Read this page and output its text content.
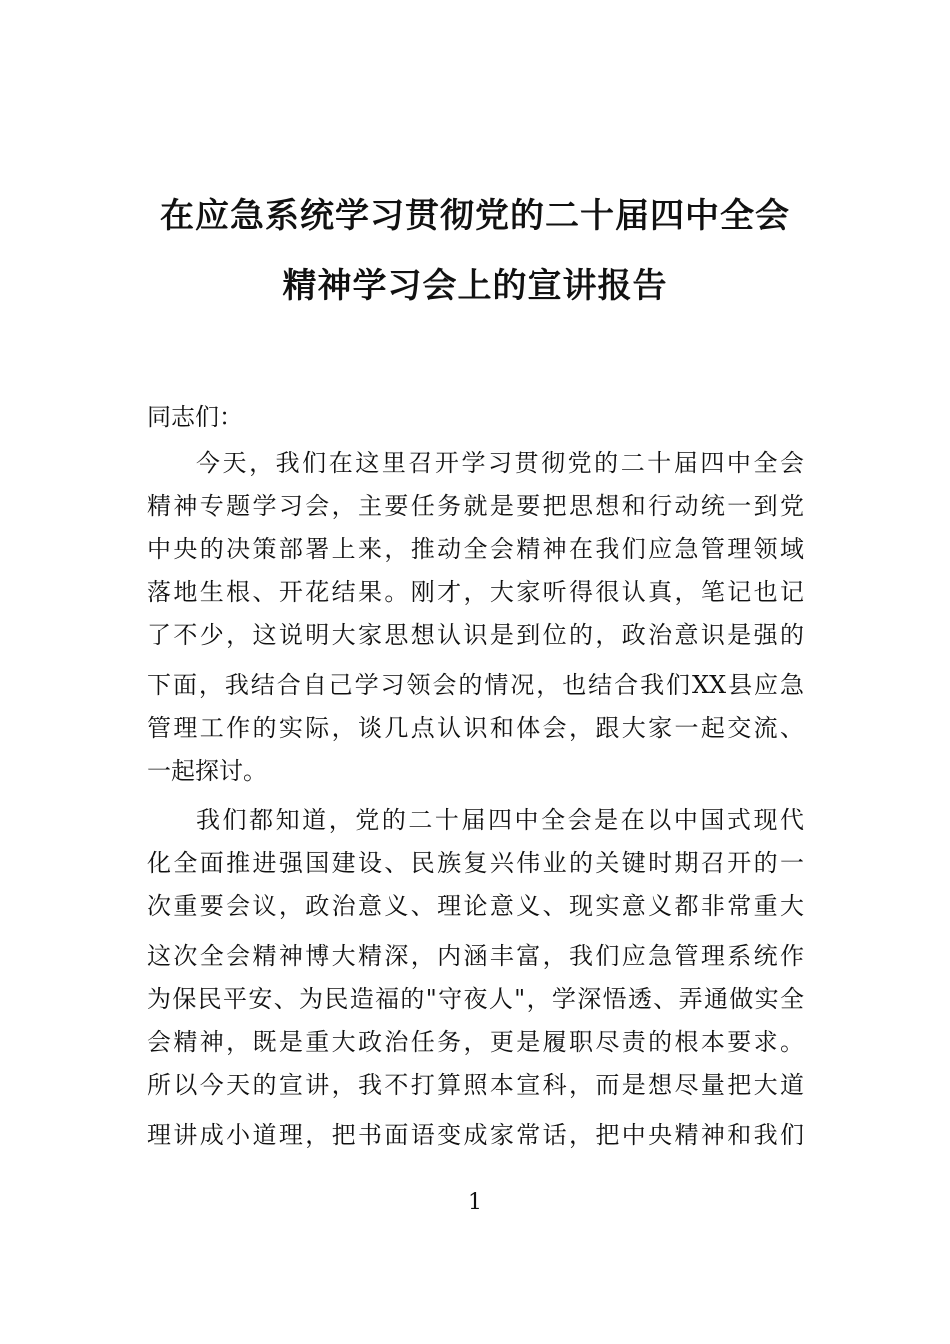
在应急系统学习贯彻党的二十届四中全会
精神学习会上的宣讲报告
同志们：
今天，我们在这里召开学习贯彻党的二十届四中全会
精神专题学习会，主要任务就是要把思想和行动统一到党
中央的决策部署上来，推动全会精神在我们应急管理领域
落地生根、开花结果。刚才，大家听得很认真，笔记也记
了不少，这说明大家思想认识是到位的，政治意识是强的
下面，我结合自己学习领会的情况，也结合我们XX县应急
管理工作的实际，谈几点认识和体会，跟大家一起交流、
一起探讨。
我们都知道，党的二十届四中全会是在以中国式现代
化全面推进强国建设、民族复兴伟业的关键时期召开的一
次重要会议，政治意义、理论意义、现实意义都非常重大
这次全会精神博大精深，内涵丰富，我们应急管理系统作
为保民平安、为民造福的"守夜人"，学深悟透、弄通做实全
会精神，既是重大政治任务，更是履职尽责的根本要求。
所以今天的宣讲，我不打算照本宣科，而是想尽量把大道
理讲成小道理，把书面语变成家常话，把中央精神和我们
1
